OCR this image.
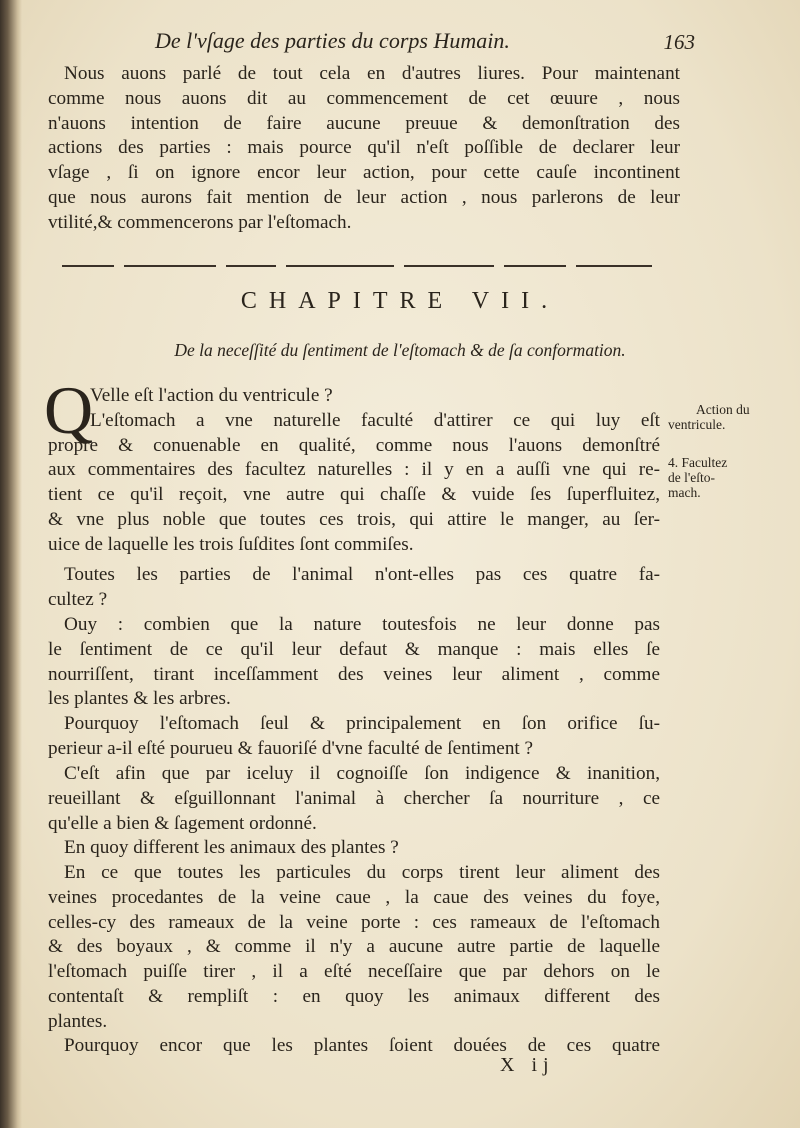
De l'vſage des parties du corps Humain.	163
Nous auons parlé de tout cela en d'autres liures. Pour maintenant
comme nous auons dit au commencement de cet œuure , nous
n'auons intention de faire aucune preuue & demonſtration des
actions des parties : mais pource qu'il n'eſt poſſible de declarer leur
vſage , ſi on ignore encor leur action, pour cette cauſe incontinent
que nous aurons fait mention de leur action , nous parlerons de leur
vtilité,& commencerons par l'eſtomach.
CHAPITRE VII.
De la neceſſité du ſentiment de l'eſtomach & de ſa conformation.
Q
Velle eſt l'action du ventricule ?
L'eſtomach a vne naturelle faculté d'attirer ce qui luy eſt
propre & conuenable en qualité, comme nous l'auons demonſtré
aux commentaires des facultez naturelles : il y en a auſſi vne qui re-
tient ce qu'il reçoit, vne autre qui chaſſe & vuide ſes ſuperfluitez,
& vne plus noble que toutes ces trois, qui attire le manger, au ſer-
uice de laquelle les trois ſuſdites ſont commiſes.
Toutes les parties de l'animal n'ont-elles pas ces quatre fa-
cultez ?
Ouy : combien que la nature toutesfois ne leur donne pas
le ſentiment de ce qu'il leur defaut & manque : mais elles ſe
nourriſſent, tirant inceſſamment des veines leur aliment , comme
les plantes & les arbres.
Pourquoy l'eſtomach ſeul & principalement en ſon orifice ſu-
perieur a-il eſté pourueu & fauoriſé d'vne faculté de ſentiment ?
C'eſt afin que par iceluy il cognoiſſe ſon indigence & inanition,
reueillant & eſguillonnant l'animal à chercher ſa nourriture , ce
qu'elle a bien & ſagement ordonné.
En quoy different les animaux des plantes ?
En ce que toutes les particules du corps tirent leur aliment des
veines procedantes de la veine caue , la caue des veines du foye,
celles-cy des rameaux de la veine porte : ces rameaux de l'eſtomach
& des boyaux , & comme il n'y a aucune autre partie de laquelle
l'eſtomach puiſſe tirer , il a eſté neceſſaire que par dehors on le
contentaſt & rempliſt : en quoy les animaux different des
plantes.
Pourquoy encor que les plantes ſoient douées de ces quatre
Action du
ventricule.
4. Facultez
de l'eſto-
mach.
X ij
